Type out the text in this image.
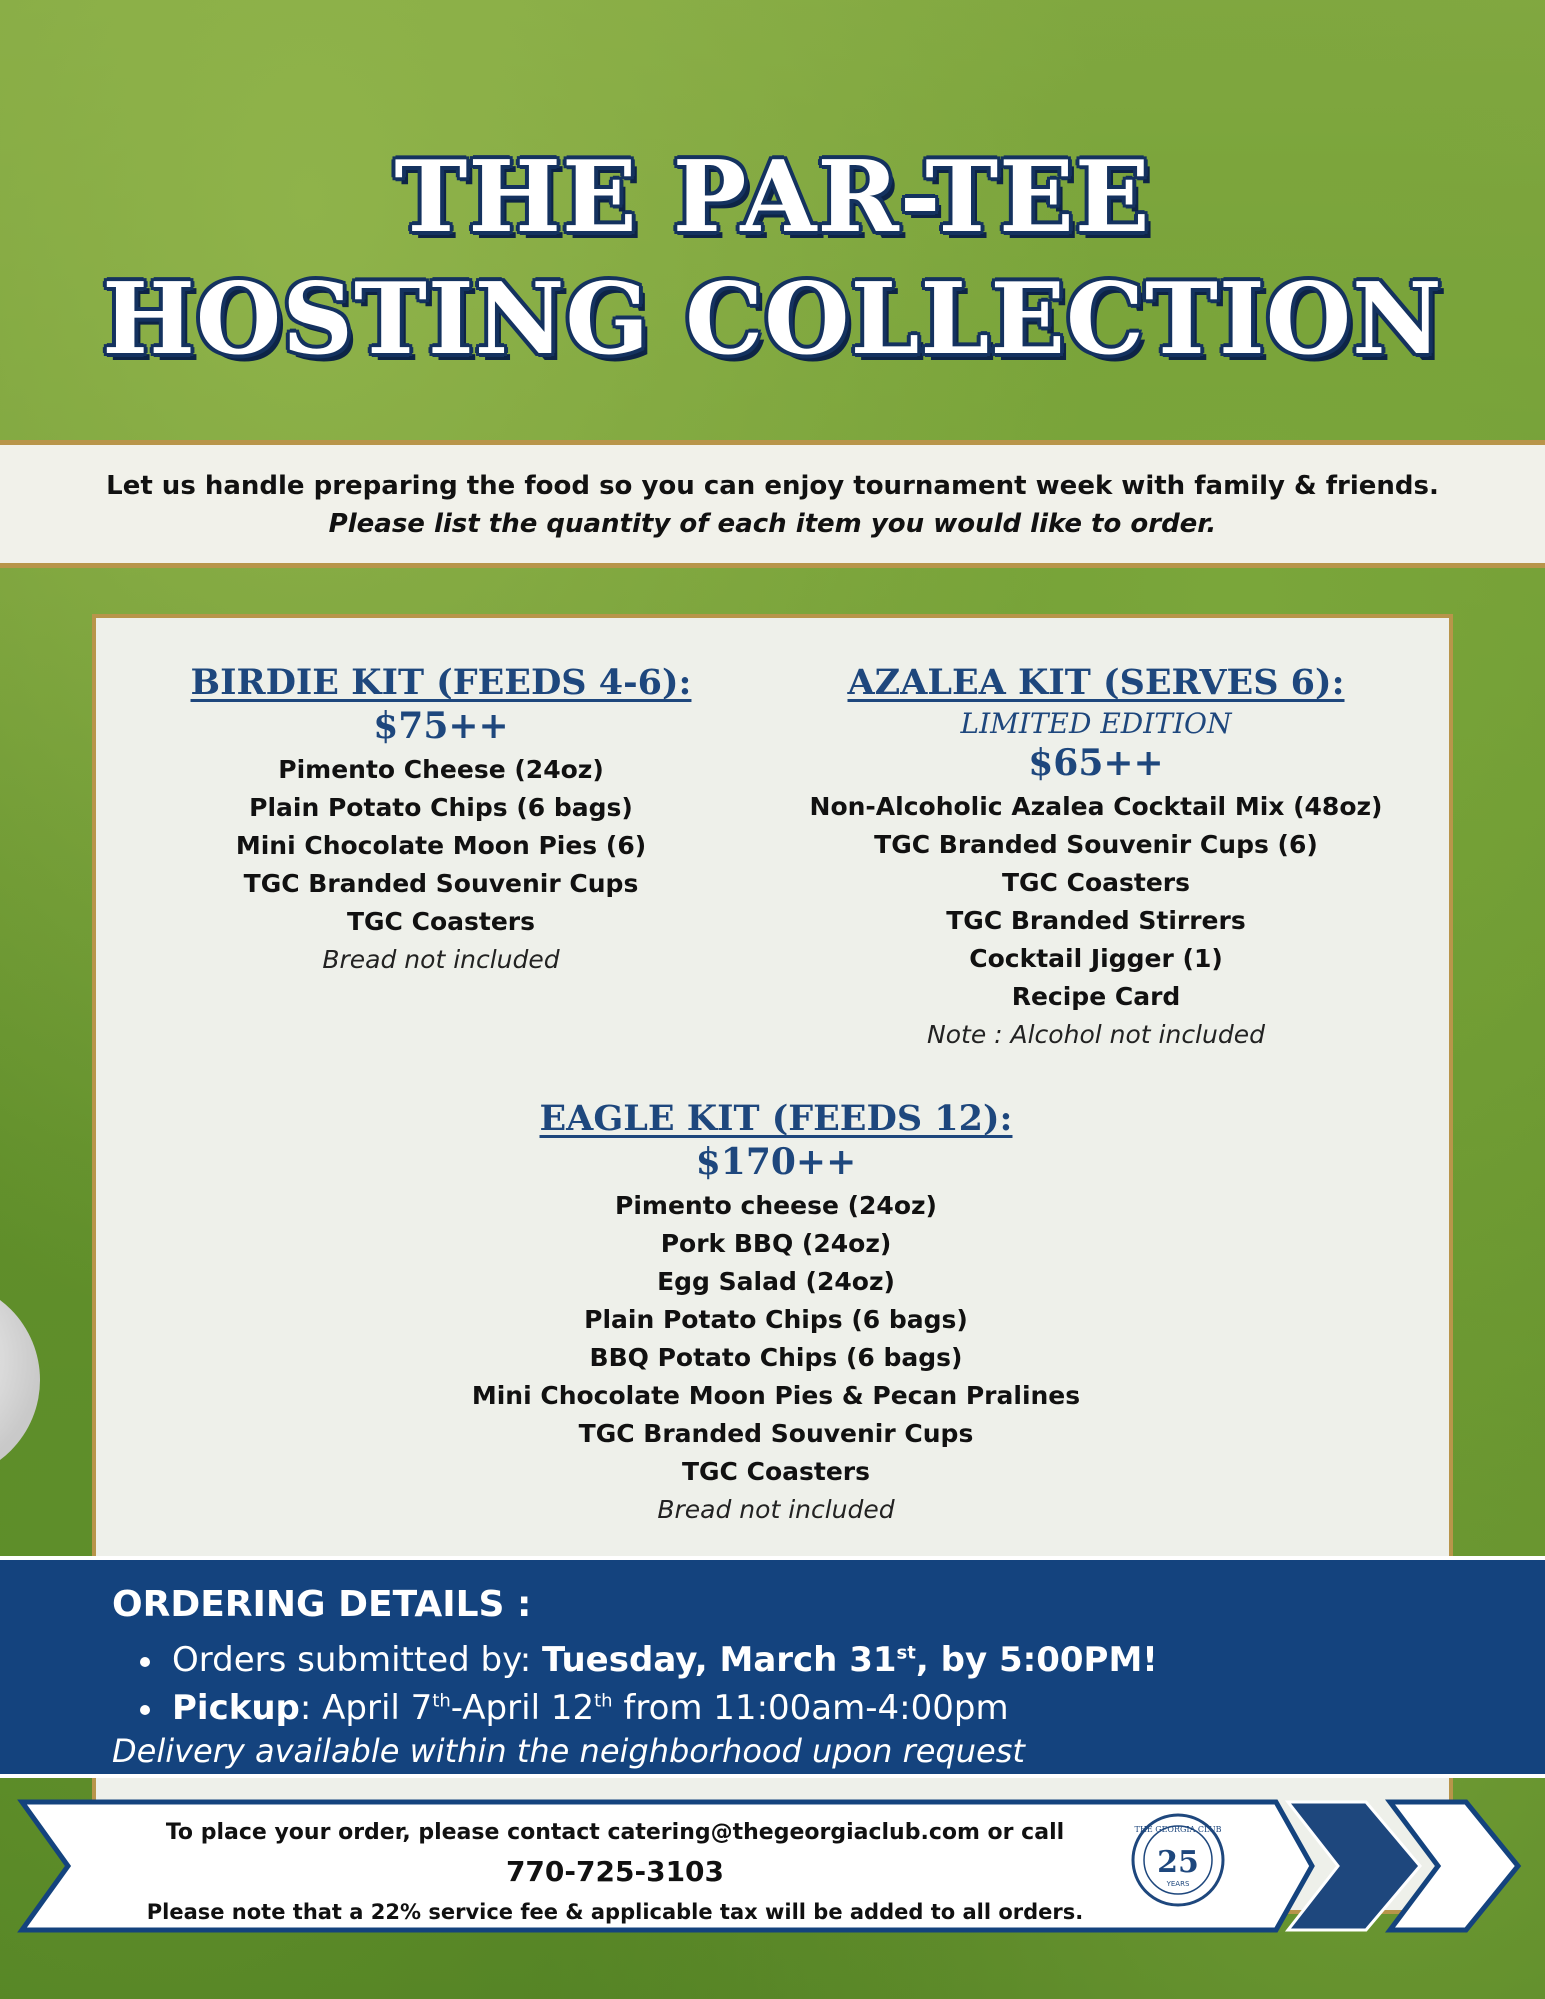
THE PAR-TEE
HOSTING COLLECTION

Let us handle preparing the food so you can enjoy tournament week with family & friends.

Please list the quantity of each item you would like to order.

BIRDIE KIT (FEEDS 4-6):
$75++
Pimento Cheese (24oz)
Plain Potato Chips (6 bags)
Mini Chocolate Moon Pies (6)
TGC Branded Souvenir Cups
TGC Coasters
Bread not included
AZALEA KIT (SERVES 6):
LIMITED EDITION
$65++
Non-Alcoholic Azalea Cocktail Mix (48oz)
TGC Branded Souvenir Cups (6)
TGC Coasters
TGC Branded Stirrers
Cocktail Jigger (1)
Recipe Card
Note : Alcohol not included
EAGLE KIT (FEEDS 12):
$170++
Pimento cheese (24oz)
Pork BBQ (24oz)
Egg Salad (24oz)
Plain Potato Chips (6 bags)
BBQ Potato Chips (6 bags)
Mini Chocolate Moon Pies & Pecan Pralines
TGC Branded Souvenir Cups
TGC Coasters
Bread not included
ORDERING DETAILS :
Orders submitted by: Tuesday, March 31st, by 5:00PM!
Pickup: April 7th-April 12th from 11:00am-4:00pm
Delivery available within the neighborhood upon request
To place your order, please contact catering@thegeorgiaclub.com or call
770-725-3103
Please note that a 22% service fee & applicable tax will be added to all orders.
THE GEORGIA CLUB
25
YEARS
